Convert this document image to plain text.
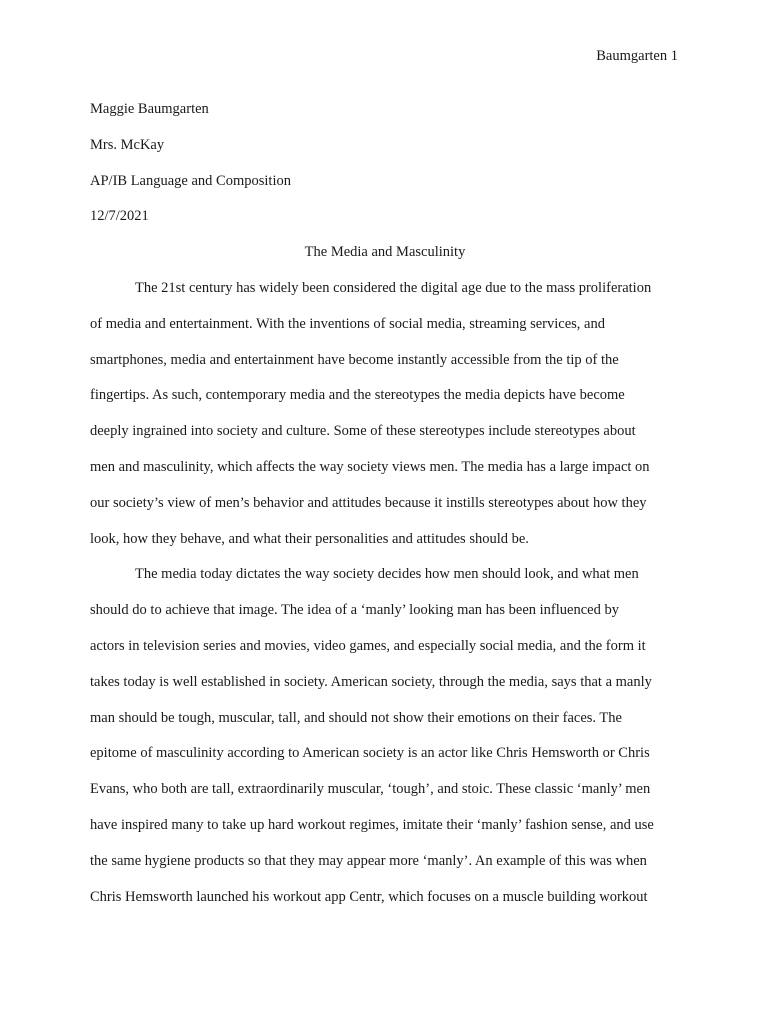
Baumgarten 1
Maggie Baumgarten
Mrs. McKay
AP/IB Language and Composition
12/7/2021
The Media and Masculinity
The 21st century has widely been considered the digital age due to the mass proliferation
of media and entertainment. With the inventions of social media, streaming services, and
smartphones, media and entertainment have become instantly accessible from the tip of the
fingertips. As such, contemporary media and the stereotypes the media depicts have become
deeply ingrained into society and culture. Some of these stereotypes include stereotypes about
men and masculinity, which affects the way society views men. The media has a large impact on
our society’s view of men’s behavior and attitudes because it instills stereotypes about how they
look, how they behave, and what their personalities and attitudes should be.
The media today dictates the way society decides how men should look, and what men
should do to achieve that image. The idea of a ‘manly’ looking man has been influenced by
actors in television series and movies, video games, and especially social media, and the form it
takes today is well established in society. American society, through the media, says that a manly
man should be tough, muscular, tall, and should not show their emotions on their faces. The
epitome of masculinity according to American society is an actor like Chris Hemsworth or Chris
Evans, who both are tall, extraordinarily muscular, ‘tough’, and stoic. These classic ‘manly’ men
have inspired many to take up hard workout regimes, imitate their ‘manly’ fashion sense, and use
the same hygiene products so that they may appear more ‘manly’. An example of this was when
Chris Hemsworth launched his workout app Centr, which focuses on a muscle building workout
